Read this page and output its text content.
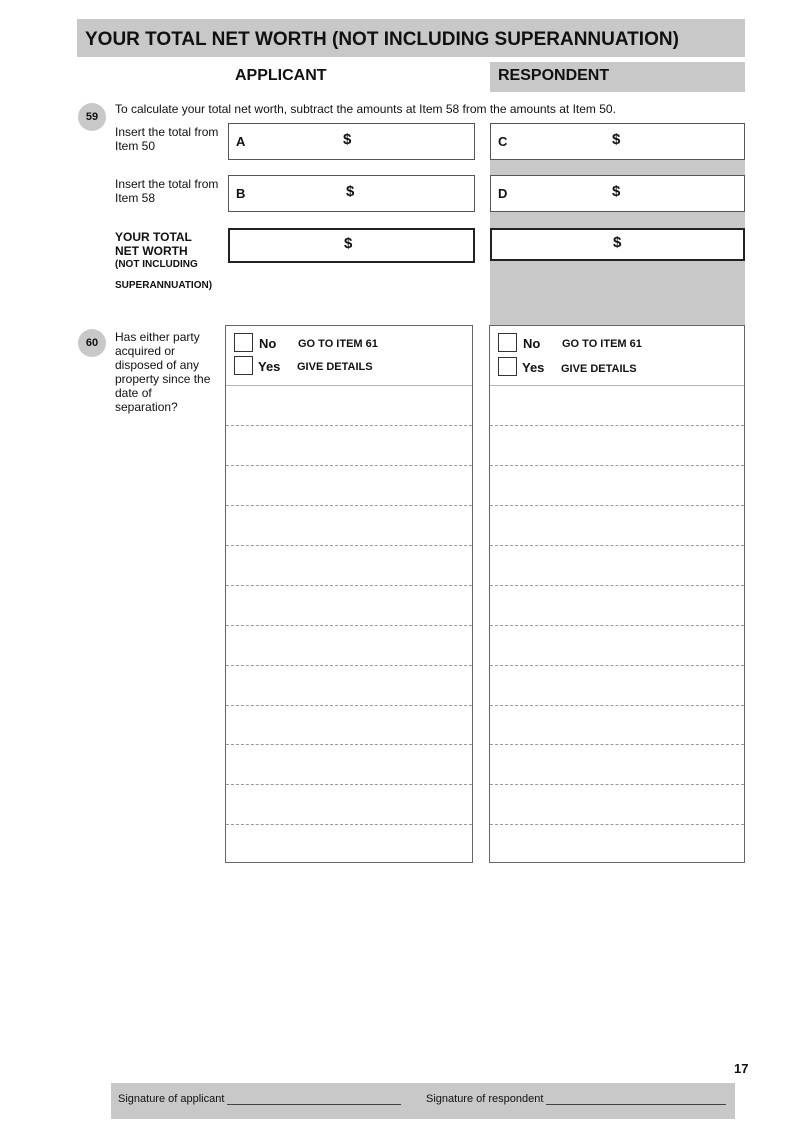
YOUR TOTAL NET WORTH (NOT INCLUDING SUPERANNUATION)
APPLICANT	RESPONDENT
59
To calculate your total net worth, subtract the amounts at Item 58 from the amounts at Item 50.
Insert the total from
Item 50	A	$	C	$
Insert the total from
Item 58	B	$	D	$
YOUR TOTAL
NET WORTH
(NOT INCLUDING
SUPERANNUATION)
$	$
60	Has either party
acquired or
disposed of any
property since the
date of
separation?
No GO TO ITEM 61
Yes GIVE DETAILS
No GO TO ITEM 61
Yes GIVE DETAILS
17
Signature of applicant	Signature of respondent
